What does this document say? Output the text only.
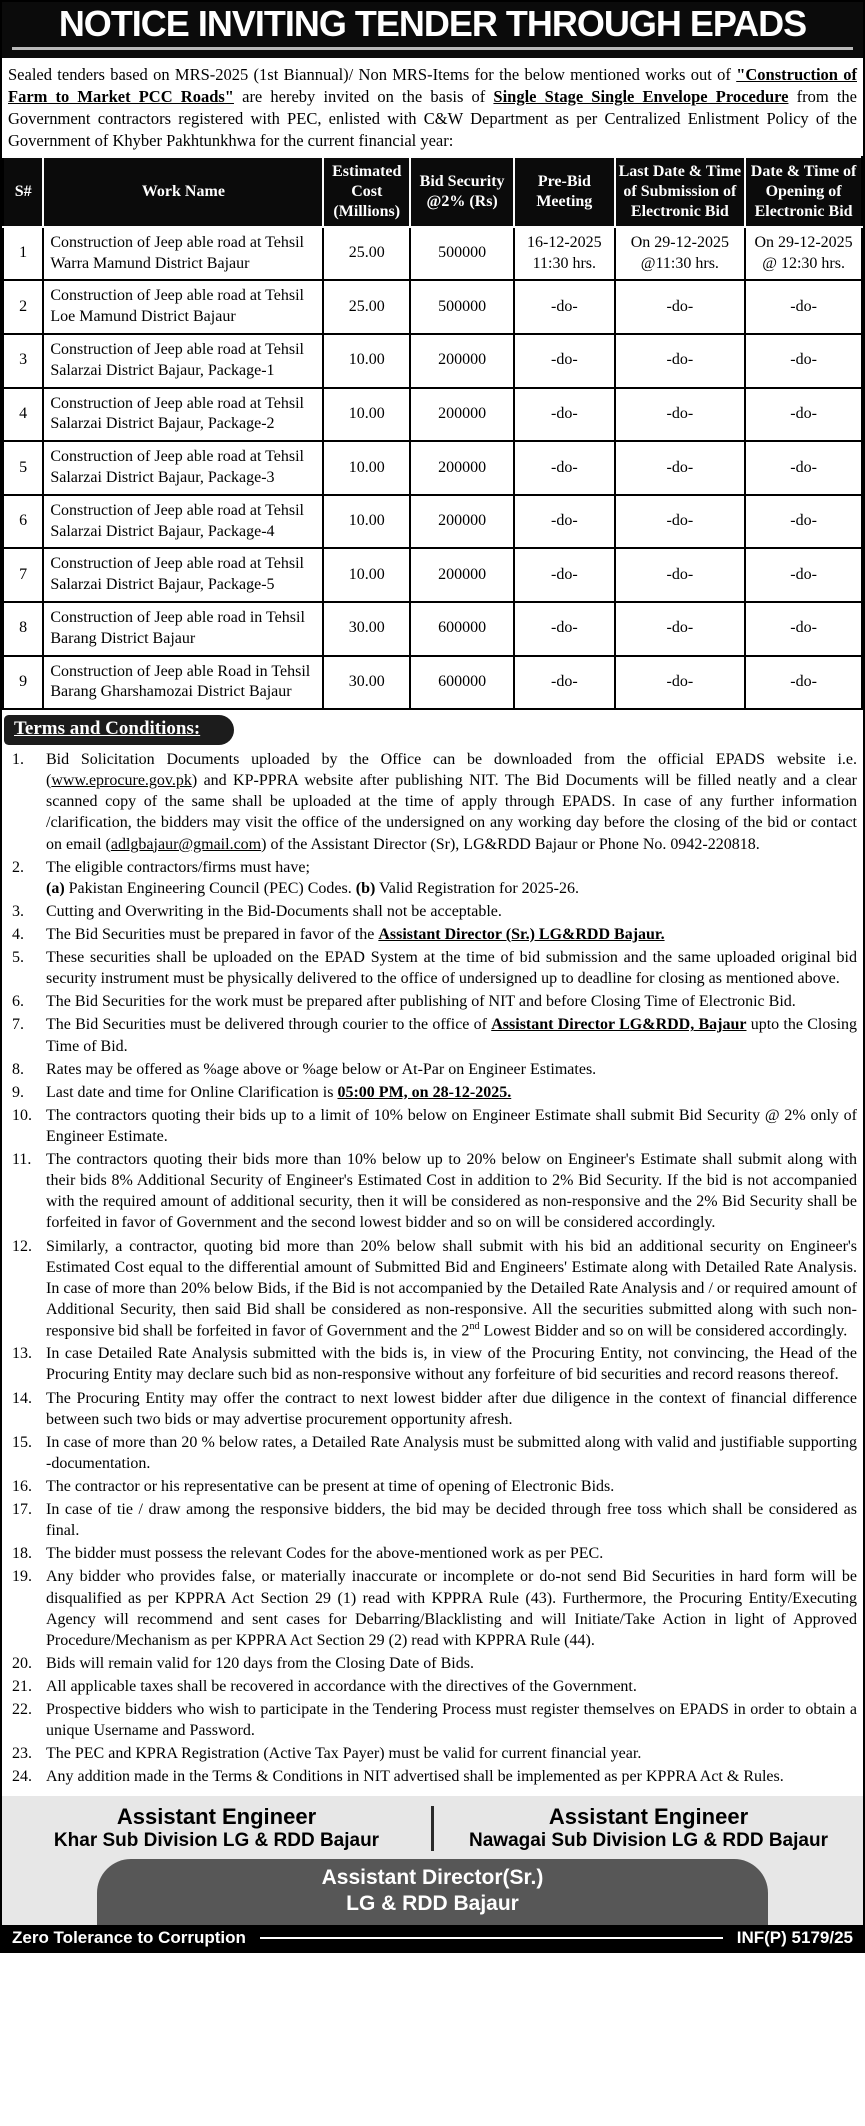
NOTICE INVITING TENDER THROUGH EPADS

Sealed tenders based on MRS-2025 (1st Biannual)/ Non MRS-Items for the below mentioned works out of "Construction of Farm to Market PCC Roads" are hereby invited on the basis of Single Stage Single Envelope Procedure from the Government contractors registered with PEC, enlisted with C&W Department as per Centralized Enlistment Policy of the Government of Khyber Pakhtunkhwa for the current financial year:

S#	Work Name	Estimated Cost (Millions)	Bid Security @2% (Rs)	Pre-Bid Meeting	Last Date & Time of Submission of Electronic Bid	Date & Time of Opening of Electronic Bid
1	Construction of Jeep able road at Tehsil Warra Mamund District Bajaur	25.00	500000	16-12-2025 11:30 hrs.	On 29-12-2025 @11:30 hrs.	On 29-12-2025 @ 12:30 hrs.
2	Construction of Jeep able road at Tehsil Loe Mamund District Bajaur	25.00	500000	-do-	-do-	-do-
3	Construction of Jeep able road at Tehsil Salarzai District Bajaur, Package-1	10.00	200000	-do-	-do-	-do-
4	Construction of Jeep able road at Tehsil Salarzai District Bajaur, Package-2	10.00	200000	-do-	-do-	-do-
5	Construction of Jeep able road at Tehsil Salarzai District Bajaur, Package-3	10.00	200000	-do-	-do-	-do-
6	Construction of Jeep able road at Tehsil Salarzai District Bajaur, Package-4	10.00	200000	-do-	-do-	-do-
7	Construction of Jeep able road at Tehsil Salarzai District Bajaur, Package-5	10.00	200000	-do-	-do-	-do-
8	Construction of Jeep able road in Tehsil Barang District Bajaur	30.00	600000	-do-	-do-	-do-
9	Construction of Jeep able Road in Tehsil Barang Gharshamozai District Bajaur	30.00	600000	-do-	-do-	-do-
Terms and Conditions:
1.	Bid Solicitation Documents uploaded by the Office can be downloaded from the official EPADS website i.e. (www.eprocure.gov.pk) and KP-PPRA website after publishing NIT. The Bid Documents will be filled neatly and a clear scanned copy of the same shall be uploaded at the time of apply through EPADS. In case of any further information /clarification, the bidders may visit the office of the undersigned on any working day before the closing of the bid or contact on email (adlgbajaur@gmail.com) of the Assistant Director (Sr), LG&RDD Bajaur or Phone No. 0942-220818.
2.	The eligible contractors/firms must have;
(a) Pakistan Engineering Council (PEC) Codes. (b) Valid Registration for 2025-26.
3.	Cutting and Overwriting in the Bid-Documents shall not be acceptable.
4.	The Bid Securities must be prepared in favor of the Assistant Director (Sr.) LG&RDD Bajaur.
5.	These securities shall be uploaded on the EPAD System at the time of bid submission and the same uploaded original bid security instrument must be physically delivered to the office of undersigned up to deadline for closing as mentioned above.
6.	The Bid Securities for the work must be prepared after publishing of NIT and before Closing Time of Electronic Bid.
7.	The Bid Securities must be delivered through courier to the office of Assistant Director LG&RDD, Bajaur upto the Closing Time of Bid.
8.	Rates may be offered as %age above or %age below or At-Par on Engineer Estimates.
9.	Last date and time for Online Clarification is 05:00 PM, on 28-12-2025.
10. The contractors quoting their bids up to a limit of 10% below on Engineer Estimate shall submit Bid Security @ 2% only of Engineer Estimate.
11. The contractors quoting their bids more than 10% below up to 20% below on Engineer's Estimate shall submit along with their bids 8% Additional Security of Engineer's Estimated Cost in addition to 2% Bid Security. If the bid is not accompanied with the required amount of additional security, then it will be considered as non-responsive and the 2% Bid Security shall be forfeited in favor of Government and the second lowest bidder and so on will be considered accordingly.
12. Similarly, a contractor, quoting bid more than 20% below shall submit with his bid an additional security on Engineer's Estimated Cost equal to the differential amount of Submitted Bid and Engineers' Estimate along with Detailed Rate Analysis. In case of more than 20% below Bids, if the Bid is not accompanied by the Detailed Rate Analysis and / or required amount of Additional Security, then said Bid shall be considered as non-responsive. All the securities submitted along with such non-responsive bid shall be forfeited in favor of Government and the 2nd Lowest Bidder and so on will be considered accordingly.
13. In case Detailed Rate Analysis submitted with the bids is, in view of the Procuring Entity, not convincing, the Head of the Procuring Entity may declare such bid as non-responsive without any forfeiture of bid securities and record reasons thereof.
14. The Procuring Entity may offer the contract to next lowest bidder after due diligence in the context of financial difference between such two bids or may advertise procurement opportunity afresh.
15. In case of more than 20 % below rates, a Detailed Rate Analysis must be submitted along with valid and justifiable supporting -documentation.
16. The contractor or his representative can be present at time of opening of Electronic Bids.
17. In case of tie / draw among the responsive bidders, the bid may be decided through free toss which shall be considered as final.
18. The bidder must possess the relevant Codes for the above-mentioned work as per PEC.
19. Any bidder who provides false, or materially inaccurate or incomplete or do-not send Bid Securities in hard form will be disqualified as per KPPRA Act Section 29 (1) read with KPPRA Rule (43). Furthermore, the Procuring Entity/Executing Agency will recommend and sent cases for Debarring/Blacklisting and will Initiate/Take Action in light of Approved Procedure/Mechanism as per KPPRA Act Section 29 (2) read with KPPRA Rule (44).
20. Bids will remain valid for 120 days from the Closing Date of Bids.
21. All applicable taxes shall be recovered in accordance with the directives of the Government.
22. Prospective bidders who wish to participate in the Tendering Process must register themselves on EPADS in order to obtain a unique Username and Password.
23. The PEC and KPRA Registration (Active Tax Payer) must be valid for current financial year.
24. Any addition made in the Terms & Conditions in NIT advertised shall be implemented as per KPPRA Act & Rules.
Assistant Engineer
Khar Sub Division LG & RDD Bajaur
Assistant Engineer
Nawagai Sub Division LG & RDD Bajaur
Assistant Director(Sr.)
LG & RDD Bajaur
Zero Tolerance to Corruption	INF(P) 5179/25
